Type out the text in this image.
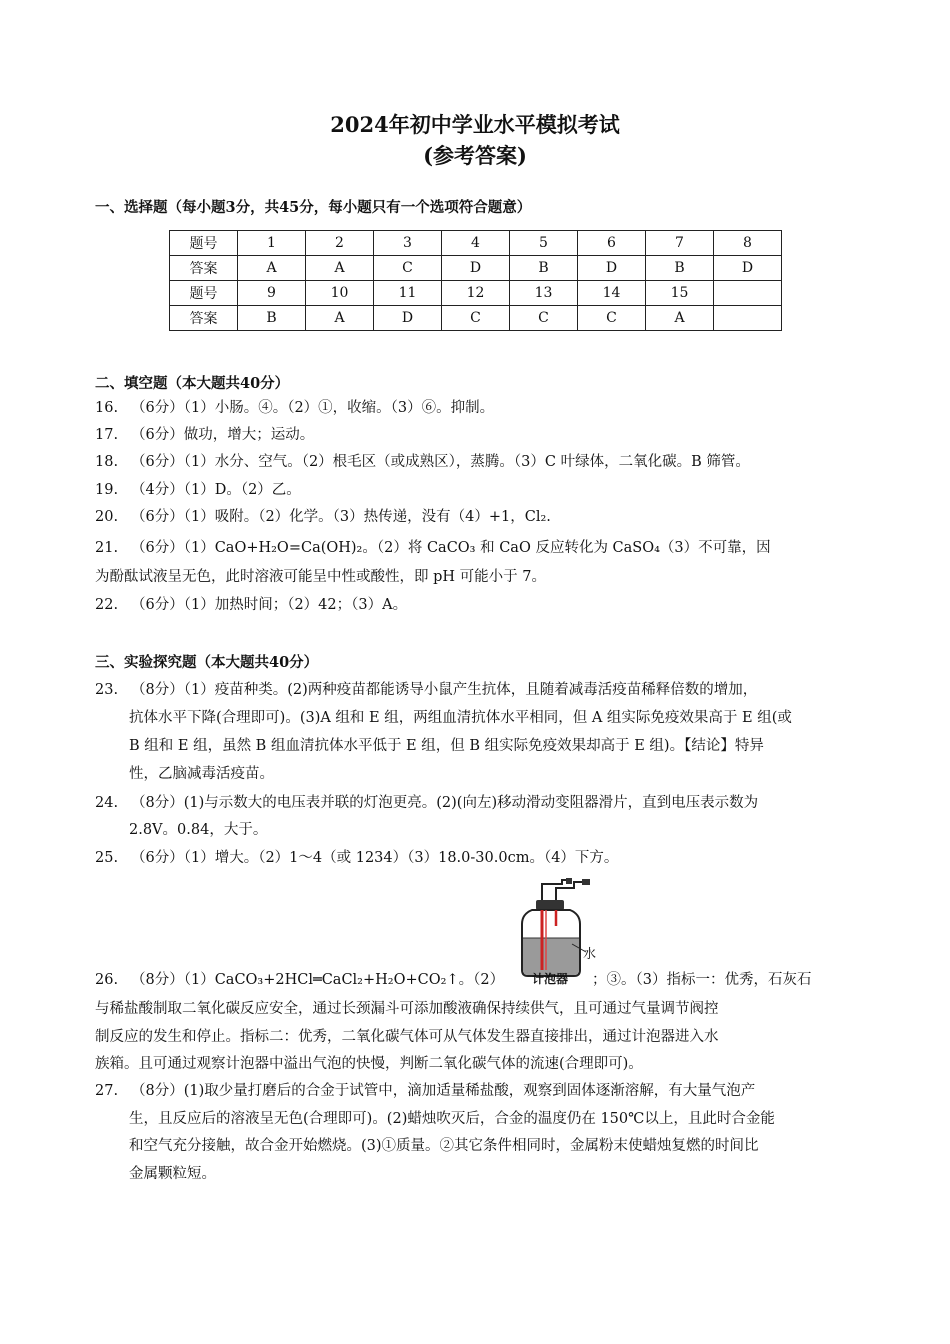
2024年初中学业水平模拟考试
(参考答案)
一、选择题（每小题3分，共45分，每小题只有一个选项符合题意）
题号	1	2	3	4	5	6	7	8
答案	A	A	C	D	B	D	B	D
题号	9	10	11	12	13	14	15	
答案	B	A	D	C	C	C	A	
二、填空题（本大题共40分）
16. （6分）（1）小肠。④。（2）①，收缩。（3）⑥。抑制。
17. （6分）做功，增大；运动。
18. （6分）（1）水分、空气。（2）根毛区（或成熟区），蒸腾。（3）C 叶绿体，二氧化碳。B 筛管。
19. （4分）（1）D。（2）乙。
20. （6分）（1）吸附。（2）化学。（3）热传递，没有（4）+1，Cl₂.
21. （6分）（1）CaO+H₂O=Ca(OH)₂。（2）将 CaCO₃ 和 CaO 反应转化为 CaSO₄（3）不可靠，因
为酚酞试液呈无色，此时溶液可能呈中性或酸性，即 pH 可能小于 7。
22. （6分）（1）加热时间；（2）42；（3）A。
三、实验探究题（本大题共40分）
23. （8分）（1）疫苗种类。(2)两种疫苗都能诱导小鼠产生抗体，且随着减毒活疫苗稀释倍数的增加，
抗体水平下降(合理即可)。(3)A 组和 E 组，两组血清抗体水平相同，但 A 组实际免疫效果高于 E 组(或
B 组和 E 组，虽然 B 组血清抗体水平低于 E 组，但 B 组实际免疫效果却高于 E 组)。【结论】特异
性，乙脑减毒活疫苗。
24. （8分）(1)与示数大的电压表并联的灯泡更亮。(2)(向左)移动滑动变阻器滑片，直到电压表示数为
2.8V。0.84，大于。
25. （6分）（1）增大。（2）1～4（或 1234）（3）18.0-30.0cm。（4）下方。
水
计泡器
26. （8分）（1）CaCO₃+2HCl═CaCl₂+H₂O+CO₂↑。（2）	；③。（3）指标一：优秀，石灰石
与稀盐酸制取二氧化碳反应安全，通过长颈漏斗可添加酸液确保持续供气，且可通过气量调节阀控
制反应的发生和停止。指标二：优秀，二氧化碳气体可从气体发生器直接排出，通过计泡器进入水
族箱。且可通过观察计泡器中溢出气泡的快慢，判断二氧化碳气体的流速(合理即可)。
27. （8分）(1)取少量打磨后的合金于试管中，滴加适量稀盐酸，观察到固体逐渐溶解，有大量气泡产
生，且反应后的溶液呈无色(合理即可)。(2)蜡烛吹灭后，合金的温度仍在 150℃以上，且此时合金能
和空气充分接触，故合金开始燃烧。(3)①质量。②其它条件相同时，金属粉末使蜡烛复燃的时间比
金属颗粒短。
